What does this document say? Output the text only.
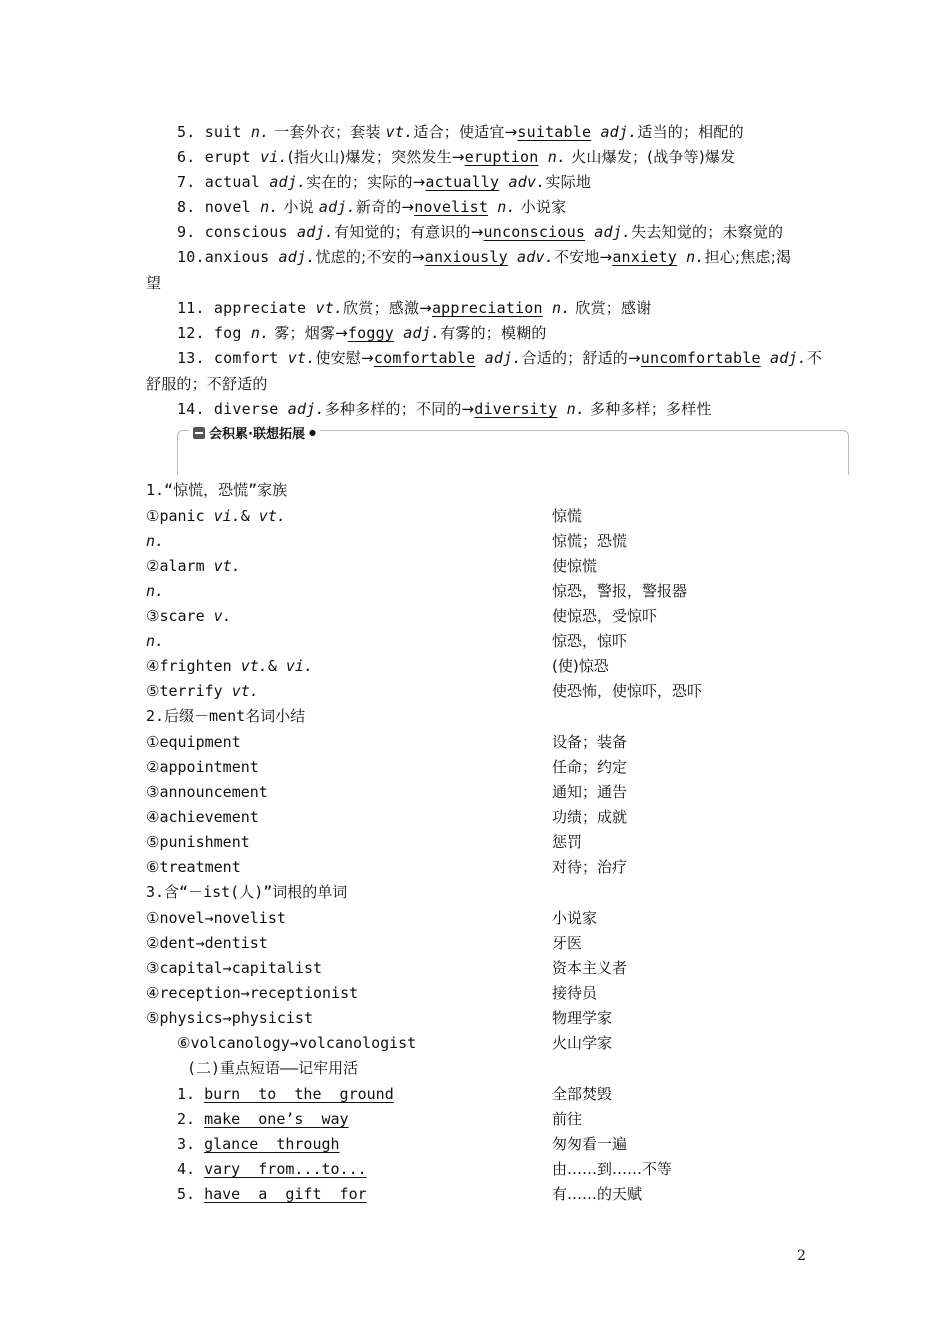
5. suit n. 一套外衣；套装 vt.适合；使适宜→suitable adj.适当的；相配的
6. erupt vi.(指火山)爆发；突然发生→eruption n. 火山爆发；(战争等)爆发
7. actual adj.实在的；实际的→actually adv.实际地
8. novel n. 小说 adj.新奇的→novelist n. 小说家
9. conscious adj.有知觉的；有意识的→unconscious adj.失去知觉的；未察觉的
10.anxious adj.忧虑的;不安的→anxiously adv.不安地→anxiety n.担心;焦虑;渴
望
11. appreciate vt.欣赏；感激→appreciation n. 欣赏；感谢
12. fog n. 雾；烟雾→foggy adj.有雾的；模糊的
13. comfort vt.使安慰→comfortable adj.合适的；舒适的→uncomfortable adj.不
舒服的；不舒适的
14. diverse adj.多种多样的；不同的→diversity n. 多种多样；多样性
会积累·联想拓展 ●
1.“惊慌，恐慌”家族
①panic vi.& vt.	惊慌
n.	惊慌；恐慌
②alarm vt.	使惊慌
n.	惊恐，警报，警报器
③scare v.	使惊恐，受惊吓
n.	惊恐，惊吓
④frighten vt.& vi.	(使)惊恐
⑤terrify vt.	使恐怖，使惊吓，恐吓
2.后缀－ment名词小结
①equipment	设备；装备
②appointment	任命；约定
③announcement	通知；通告
④achievement	功绩；成就
⑤punishment	惩罚
⑥treatment	对待；治疗
3.含“－ist(人)”词根的单词
①novel→novelist	小说家
②dent→dentist	牙医
③capital→capitalist	资本主义者
④reception→receptionist	接待员
⑤physics→physicist	物理学家
⑥volcanology→volcanologist	火山学家
(二)重点短语——记牢用活
1. burn  to  the  ground	全部焚毁
2. make  one’s  way	前往
3. glance  through	匆匆看一遍
4. vary  from...to...	由……到……不等
5. have  a  gift  for	有……的天赋
2
